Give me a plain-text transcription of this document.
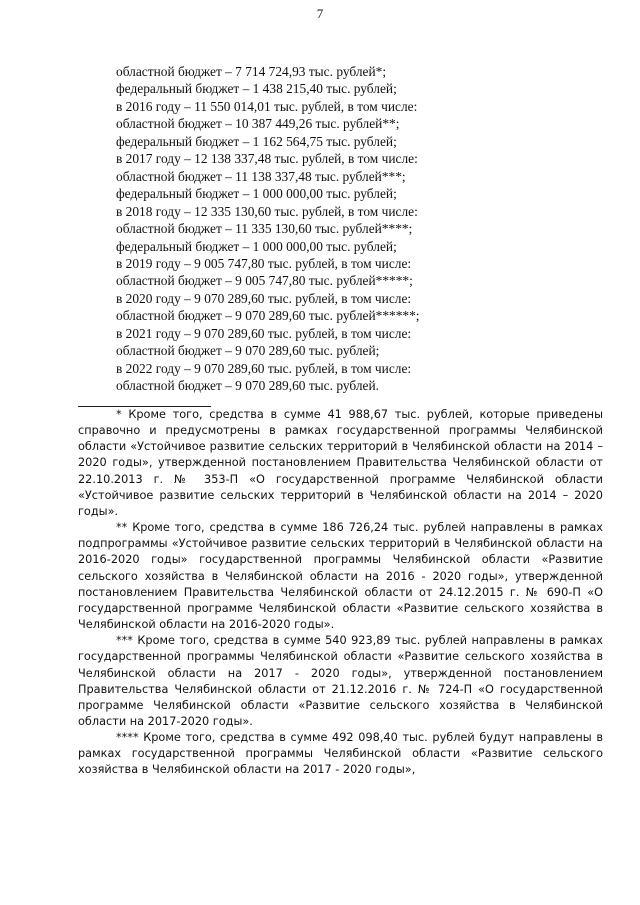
7
областной бюджет – 7 714 724,93 тыс. рублей*;
федеральный бюджет – 1 438 215,40 тыс. рублей;
в 2016 году – 11 550 014,01 тыс. рублей, в том числе:
областной бюджет – 10 387 449,26 тыс. рублей**;
федеральный бюджет – 1 162 564,75 тыс. рублей;
в 2017 году – 12 138 337,48 тыс. рублей, в том числе:
областной бюджет – 11 138 337,48 тыс. рублей***;
федеральный бюджет – 1 000 000,00 тыс. рублей;
в 2018 году – 12 335 130,60 тыс. рублей, в том числе:
областной бюджет – 11 335 130,60 тыс. рублей****;
федеральный бюджет – 1 000 000,00 тыс. рублей;
в 2019 году – 9 005 747,80 тыс. рублей, в том числе:
областной бюджет – 9 005 747,80 тыс. рублей*****;
в 2020 году – 9 070 289,60 тыс. рублей, в том числе:
областной бюджет – 9 070 289,60 тыс. рублей******;
в 2021 году – 9 070 289,60 тыс. рублей, в том числе:
областной бюджет – 9 070 289,60 тыс. рублей;
в 2022 году – 9 070 289,60 тыс. рублей, в том числе:
областной бюджет – 9 070 289,60 тыс. рублей.

* Кроме того, средства в сумме 41 988,67 тыс. рублей, которые приведены справочно и предусмотрены в рамках государственной программы Челябинской области «Устойчивое развитие сельских территорий в Челябинской области на 2014 – 2020 годы», утвержденной постановлением Правительства Челябинской области от 22.10.2013 г. № 353-П «О государственной программе Челябинской области «Устойчивое развитие сельских территорий в Челябинской области на 2014 – 2020 годы».

** Кроме того, средства в сумме 186 726,24 тыс. рублей направлены в рамках подпрограммы «Устойчивое развитие сельских территорий в Челябинской области на 2016-2020 годы» государственной программы Челябинской области «Развитие сельского хозяйства в Челябинской области на 2016 - 2020 годы», утвержденной постановлением Правительства Челябинской области от 24.12.2015 г. № 690-П «О государственной программе Челябинской области «Развитие сельского хозяйства в Челябинской области на 2016-2020 годы».

*** Кроме того, средства в сумме 540 923,89 тыс. рублей направлены в рамках государственной программы Челябинской области «Развитие сельского хозяйства в Челябинской области на 2017 - 2020 годы», утвержденной постановлением Правительства Челябинской области от 21.12.2016 г. № 724-П «О государственной программе Челябинской области «Развитие сельского хозяйства в Челябинской области на 2017-2020 годы».

**** Кроме того, средства в сумме 492 098,40 тыс. рублей будут направлены в рамках государственной программы Челябинской области «Развитие сельского хозяйства в Челябинской области на 2017 - 2020 годы»,
